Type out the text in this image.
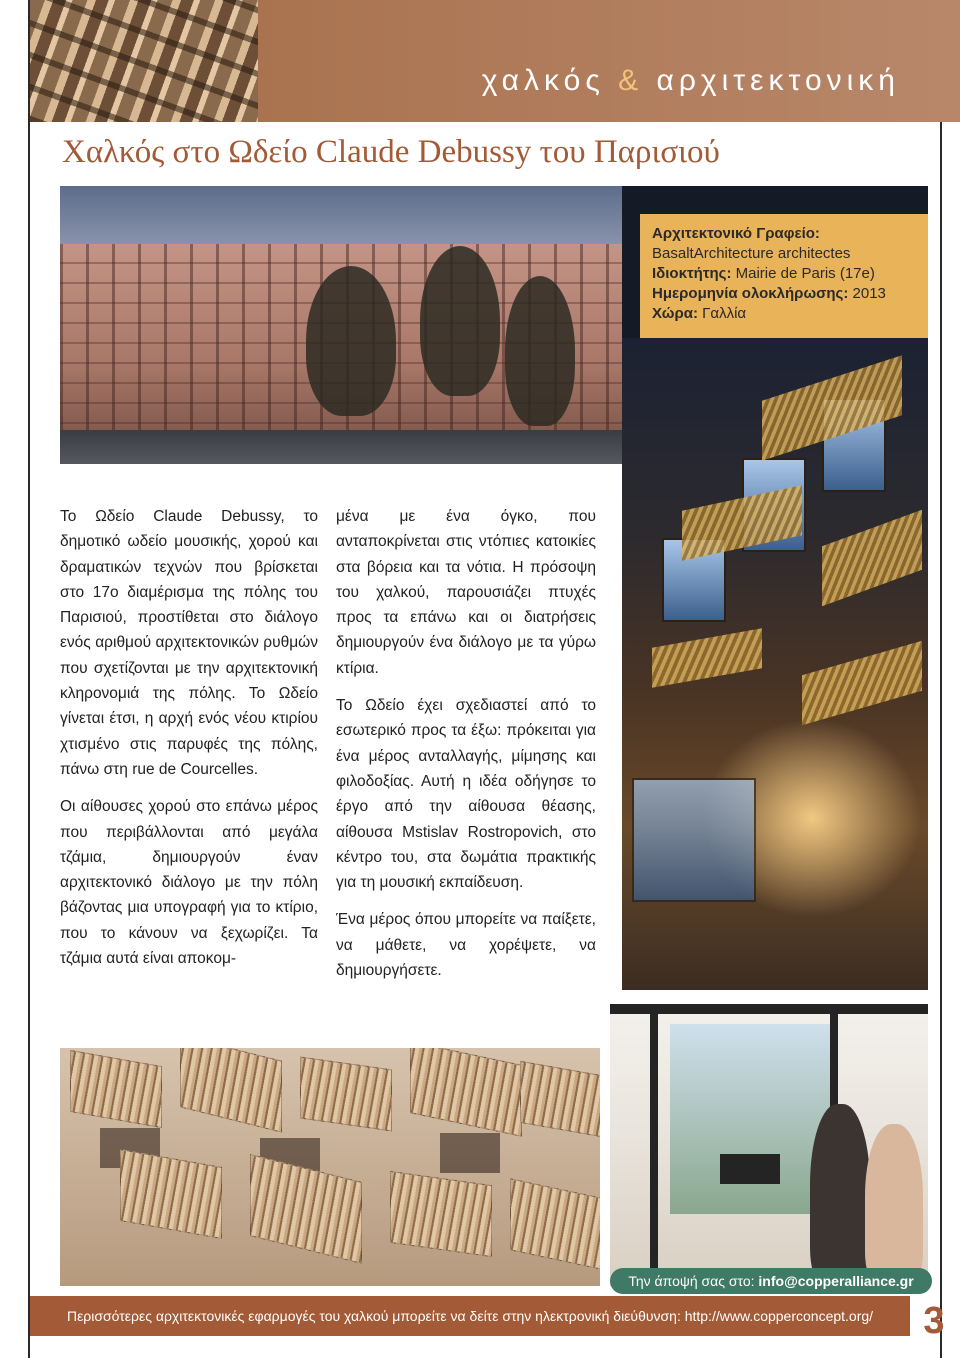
χαλκός & αρχιτεκτονική
Χαλκός στο Ωδείο Claude Debussy του Παρισιού
Αρχιτεκτονικό Γραφείο:
BasaltArchitecture architectes
Ιδιοκτήτης: Mairie de Paris (17e)
Ημερομηνία ολοκλήρωσης: 2013
Χώρα: Γαλλία

Το Ωδείο Claude Debussy, το δημοτικό ωδείο μουσικής, χορού και δραματικών τεχνών που βρίσκεται στο 17ο διαμέρισμα της πόλης του Παρισιού, προστίθεται στο διάλογο ενός αριθμού αρχιτεκτονικών ρυθμών που σχετίζονται με την αρχιτεκτονική κληρονομιά της πόλης. Το Ωδείο γίνεται έτσι, η αρχή ενός νέου κτιρίου χτισμένο στις παρυφές της πόλης, πάνω στη rue de Courcelles.

Οι αίθουσες χορού στο επάνω μέρος που περιβάλλονται από μεγάλα τζάμια, δημιουργούν έναν αρχιτεκτονικό διάλογο με την πόλη βάζοντας μια υπογραφή για το κτίριο, που το κάνουν να ξεχωρίζει. Τα τζάμια αυτά είναι αποκομ-

μένα με ένα όγκο, που ανταποκρίνεται στις ντόπιες κατοικίες στα βόρεια και τα νότια. Η πρόσοψη του χαλκού, παρουσιάζει πτυχές προς τα επάνω και οι διατρήσεις δημιουργούν ένα διάλογο με τα γύρω κτίρια.

Το Ωδείο έχει σχεδιαστεί από το εσωτερικό προς τα έξω: πρόκειται για ένα μέρος ανταλλαγής, μίμησης και φιλοδοξίας. Αυτή η ιδέα οδήγησε το έργο από την αίθουσα θέασης, αίθουσα Mstislav Rostropovich, στο κέντρο του, στα δωμάτια πρακτικής για τη μουσική εκπαίδευση.

Ένα μέρος όπου μπορείτε να παίξετε, να μάθετε, να χορέψετε, να δημιουργήσετε.

Την άποψή σας στο: info@copperalliance.gr
Περισσότερες αρχιτεκτονικές εφαρμογές του χαλκού μπορείτε να δείτε στην ηλεκτρονική διεύθυνση: http://www.copperconcept.org/	3
